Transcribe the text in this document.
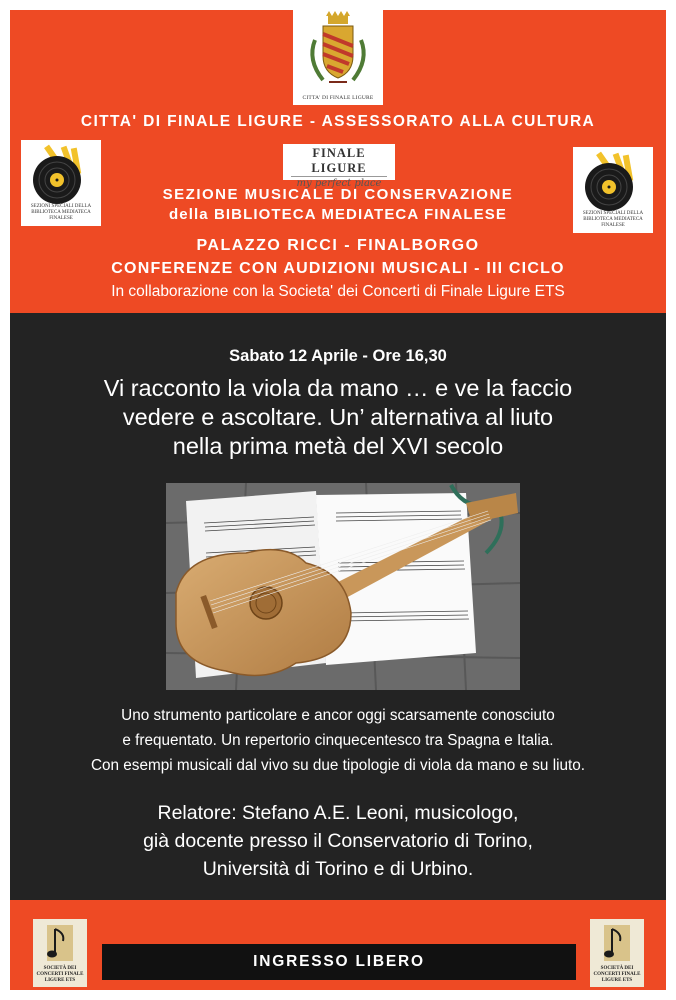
CITTA' DI FINALE LIGURE
CITTA' DI FINALE LIGURE - ASSESSORATO ALLA CULTURA
SEZIONI SPECIALI DELLA BIBLIOTECA MEDIATECA FINALESE
FINALE LIGURE
my perfect place
SEZIONI SPECIALI DELLA BIBLIOTECA MEDIATECA FINALESE
SEZIONE MUSICALE DI CONSERVAZIONE
della BIBLIOTECA MEDIATECA FINALESE
PALAZZO RICCI - FINALBORGO
CONFERENZE CON AUDIZIONI MUSICALI - III CICLO
In collaborazione con la Societa' dei Concerti di Finale Ligure ETS
Sabato 12 Aprile - Ore 16,30
Vi racconto la viola da mano … e ve la faccio
vedere e ascoltare. Un’ alternativa al liuto
nella prima metà del XVI secolo
Uno strumento particolare e ancor oggi scarsamente conosciuto
e frequentato. Un repertorio cinquecentesco tra Spagna e Italia.
Con esempi musicali dal vivo su due tipologie di viola da mano e su liuto.
Relatore: Stefano A.E. Leoni, musicologo,
già docente presso il Conservatorio di Torino,
Università di Torino e di Urbino.
SOCIETÀ DEI CONCERTI FINALE LIGURE ETS
INGRESSO LIBERO	SOCIETÀ DEI CONCERTI FINALE LIGURE ETS
